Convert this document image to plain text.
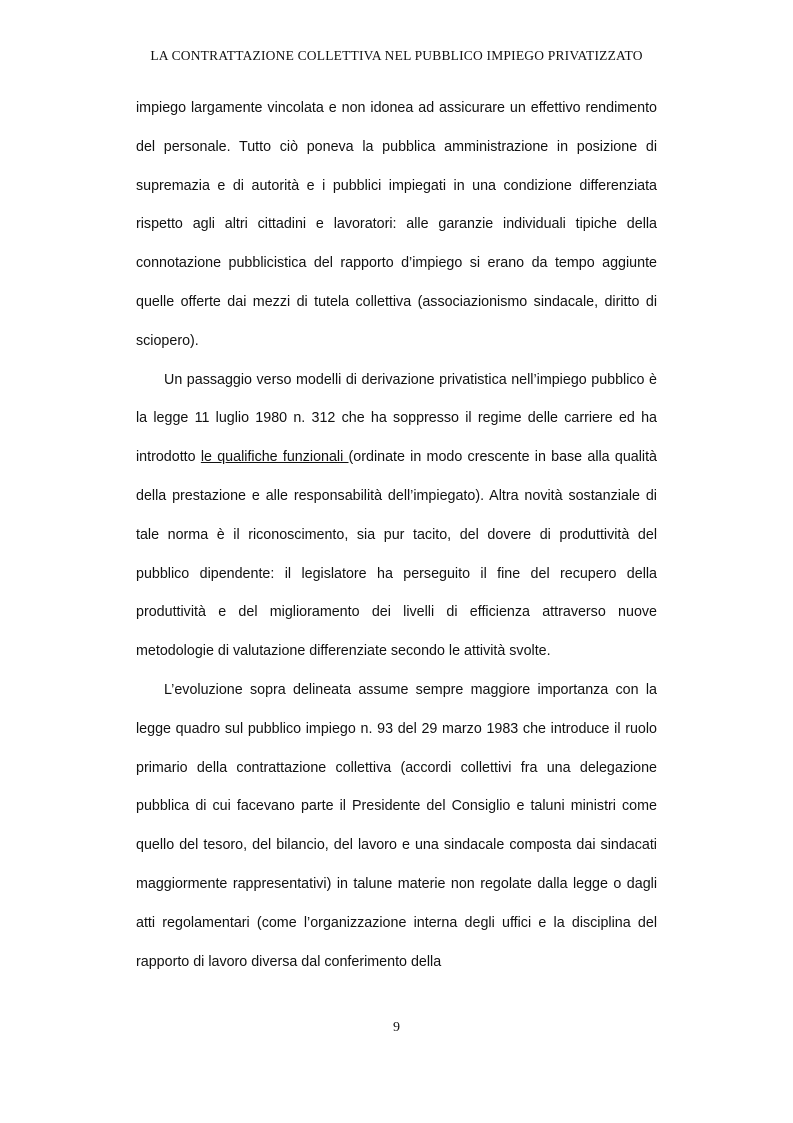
LA CONTRATTAZIONE COLLETTIVA NEL PUBBLICO IMPIEGO PRIVATIZZATO

impiego largamente vincolata e non idonea ad assicurare un effettivo rendimento del personale. Tutto ciò poneva la pubblica amministrazione in posizione di supremazia e di autorità e i pubblici impiegati in una condizione differenziata rispetto agli altri cittadini e lavoratori: alle garanzie individuali tipiche della connotazione pubblicistica del rapporto d’impiego si erano da tempo aggiunte quelle offerte dai mezzi di tutela collettiva (associazionismo sindacale, diritto di sciopero).

Un passaggio verso modelli di derivazione privatistica nell’impiego pubblico è la legge 11 luglio 1980 n. 312 che ha soppresso il regime delle carriere ed ha introdotto le qualifiche funzionali (ordinate in modo crescente in base alla qualità della prestazione e alle responsabilità dell’impiegato). Altra novità sostanziale di tale norma è il riconoscimento, sia pur tacito, del dovere di produttività del pubblico dipendente: il legislatore ha perseguito il fine del recupero della produttività e del miglioramento dei livelli di efficienza attraverso nuove metodologie di valutazione differenziate secondo le attività svolte.

L’evoluzione sopra delineata assume sempre maggiore importanza con la legge quadro sul pubblico impiego n. 93 del 29 marzo 1983 che introduce il ruolo primario della contrattazione collettiva (accordi collettivi fra una delegazione pubblica di cui facevano parte il Presidente del Consiglio e taluni ministri come quello del tesoro, del bilancio, del lavoro e una sindacale composta dai sindacati maggiormente rappresentativi) in talune materie non regolate dalla legge o dagli atti regolamentari (come l’organizzazione interna degli uffici e la disciplina del rapporto di lavoro diversa dal conferimento della

9
